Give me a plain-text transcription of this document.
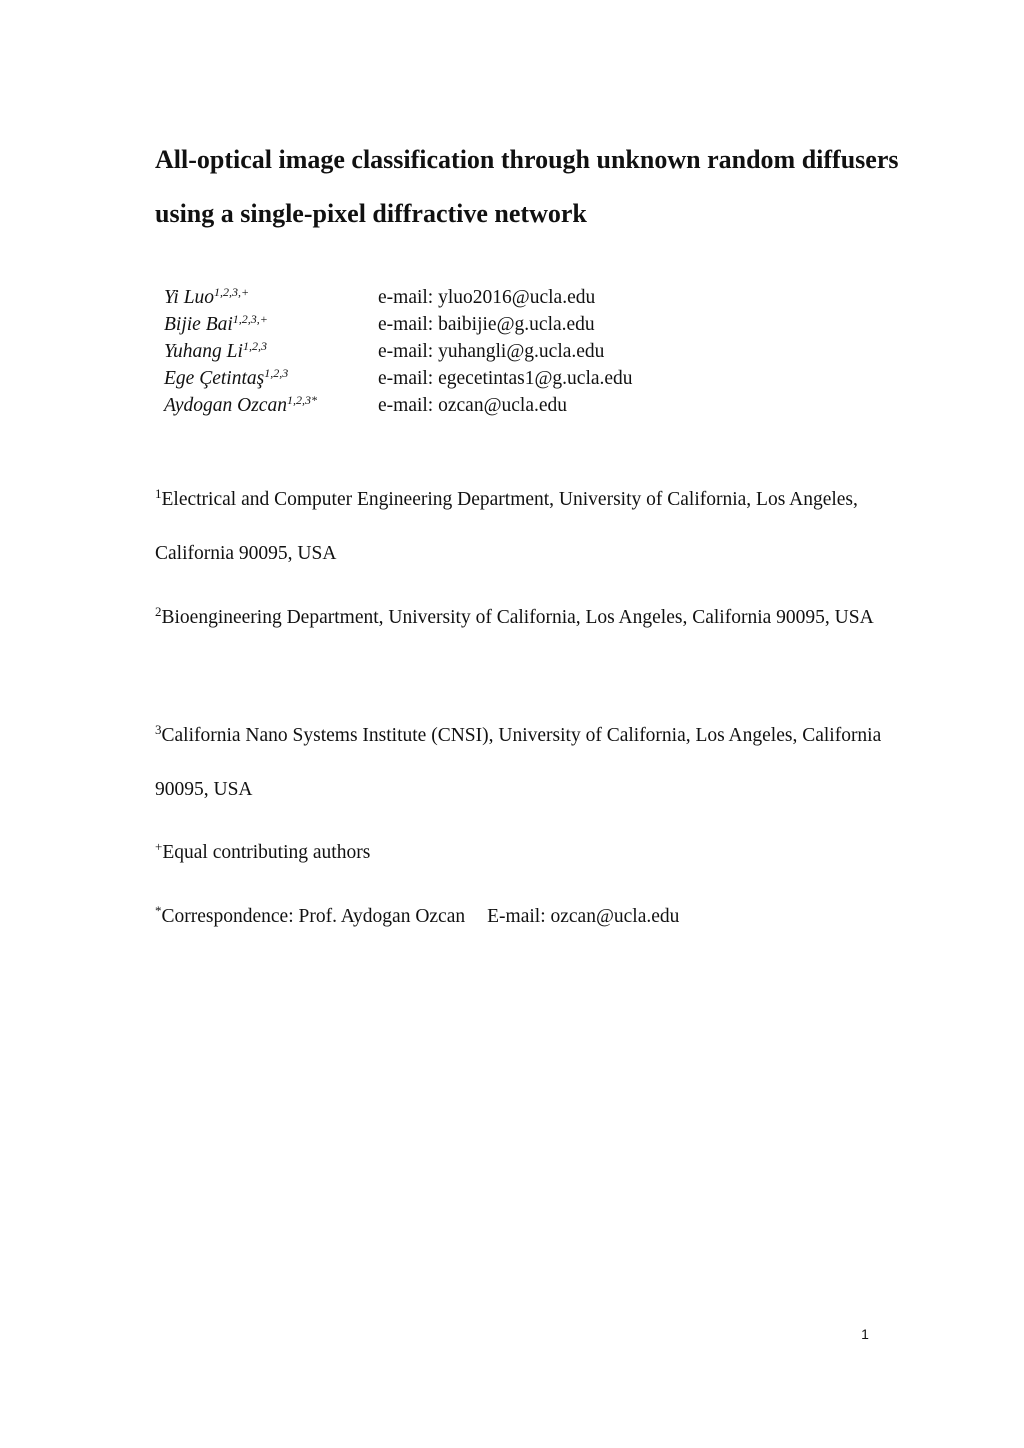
All-optical image classification through unknown random diffusers using a single-pixel diffractive network
Yi Luo$^{1,2,3,+}$	e-mail: yluo2016@ucla.edu
Bijie Bai$^{1,2,3,+}$	e-mail: baibijie@g.ucla.edu
Yuhang Li$^{1,2,3}$	e-mail: yuhangli@g.ucla.edu
Ege Çetintaş$^{1,2,3}$	e-mail: egecetintas1@g.ucla.edu
Aydogan Ozcan$^{1,2,3*}$	e-mail: ozcan@ucla.edu

$^1$Electrical and Computer Engineering Department, University of California, Los Angeles, California 90095, USA

$^2$Bioengineering Department, University of California, Los Angeles, California 90095, USA

$^3$California Nano Systems Institute (CNSI), University of California, Los Angeles, California 90095, USA

+Equal contributing authors

*Correspondence: Prof. Aydogan Ozcan E-mail: ozcan@ucla.edu

1
